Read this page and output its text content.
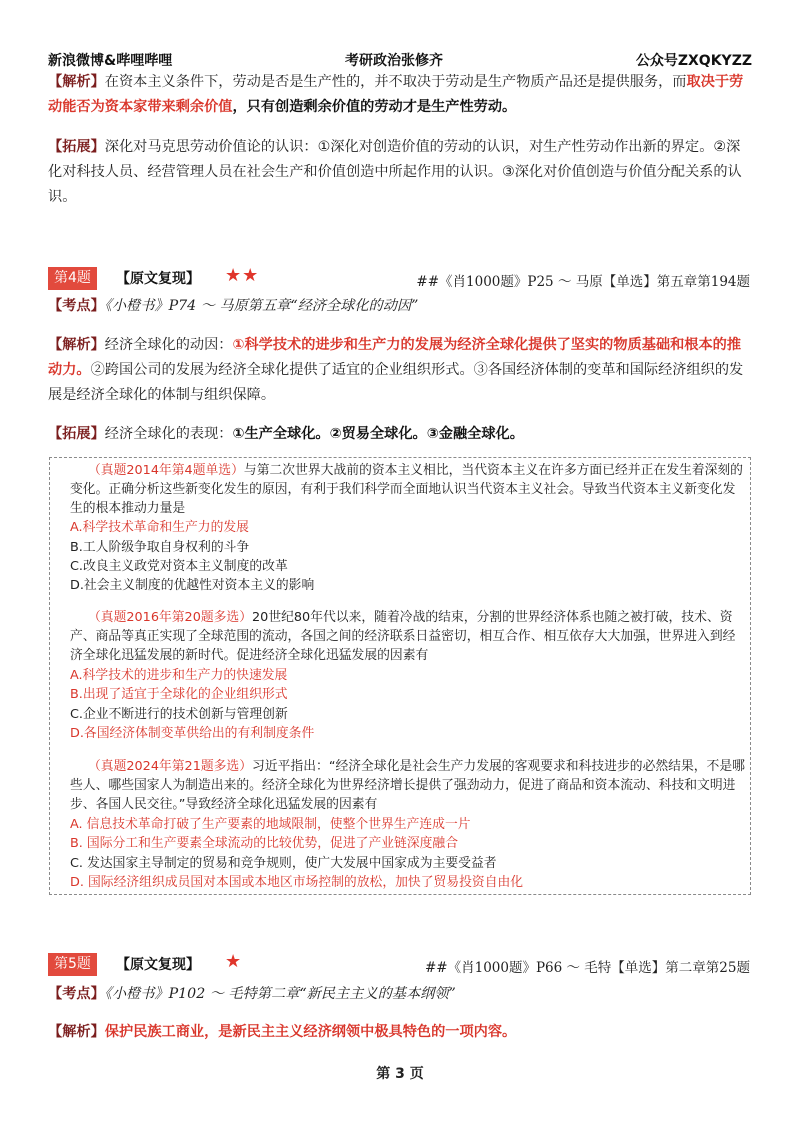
新浪微博&哔哩哔哩	考研政治张修齐	公众号ZXQKYZZ
【解析】在资本主义条件下，劳动是否是生产性的，并不取决于劳动是生产物质产品还是提供服务，而取决于劳动能否为资本家带来剩余价值，只有创造剩余价值的劳动才是生产性劳动。
【拓展】深化对马克思劳动价值论的认识：①深化对创造价值的劳动的认识，对生产性劳动作出新的界定。②深化对科技人员、经营管理人员在社会生产和价值创造中所起作用的认识。③深化对价值创造与价值分配关系的认识。
第4题	【原文复现】 ★★	##《肖1000题》P25 ～ 马原【单选】第五章第194题
【考点】《小橙书》P74 ～ 马原第五章“经济全球化的动因”
【解析】经济全球化的动因：①科学技术的进步和生产力的发展为经济全球化提供了坚实的物质基础和根本的推动力。②跨国公司的发展为经济全球化提供了适宜的企业组织形式。③各国经济体制的变革和国际经济组织的发展是经济全球化的体制与组织保障。
【拓展】经济全球化的表现：①生产全球化。②贸易全球化。③金融全球化。
（真题2014年第4题单选）与第二次世界大战前的资本主义相比，当代资本主义在许多方面已经并正在发生着深刻的变化。正确分析这些新变化发生的原因，有利于我们科学而全面地认识当代资本主义社会。导致当代资本主义新变化发生的根本推动力量是
A.科学技术革命和生产力的发展
B.工人阶级争取自身权利的斗争
C.改良主义政党对资本主义制度的改革
D.社会主义制度的优越性对资本主义的影响
（真题2016年第20题多选）20世纪80年代以来，随着冷战的结束，分割的世界经济体系也随之被打破，技术、资产、商品等真正实现了全球范围的流动，各国之间的经济联系日益密切，相互合作、相互依存大大加强，世界进入到经济全球化迅猛发展的新时代。促进经济全球化迅猛发展的因素有
A.科学技术的进步和生产力的快速发展
B.出现了适宜于全球化的企业组织形式
C.企业不断进行的技术创新与管理创新
D.各国经济体制变革供给出的有利制度条件
（真题2024年第21题多选）习近平指出：“经济全球化是社会生产力发展的客观要求和科技进步的必然结果，不是哪些人、哪些国家人为制造出来的。经济全球化为世界经济增长提供了强劲动力，促进了商品和资本流动、科技和文明进步、各国人民交往。”导致经济全球化迅猛发展的因素有
A. 信息技术革命打破了生产要素的地域限制，使整个世界生产连成一片
B. 国际分工和生产要素全球流动的比较优势，促进了产业链深度融合
C. 发达国家主导制定的贸易和竞争规则，使广大发展中国家成为主要受益者
D. 国际经济组织成员国对本国或本地区市场控制的放松，加快了贸易投资自由化
第5题	【原文复现】 ★	##《肖1000题》P66 ～ 毛特【单选】第二章第25题
【考点】《小橙书》P102 ～ 毛特第二章“新民主主义的基本纲领”
【解析】保护民族工商业，是新民主主义经济纲领中极具特色的一项内容。
第 3 页
